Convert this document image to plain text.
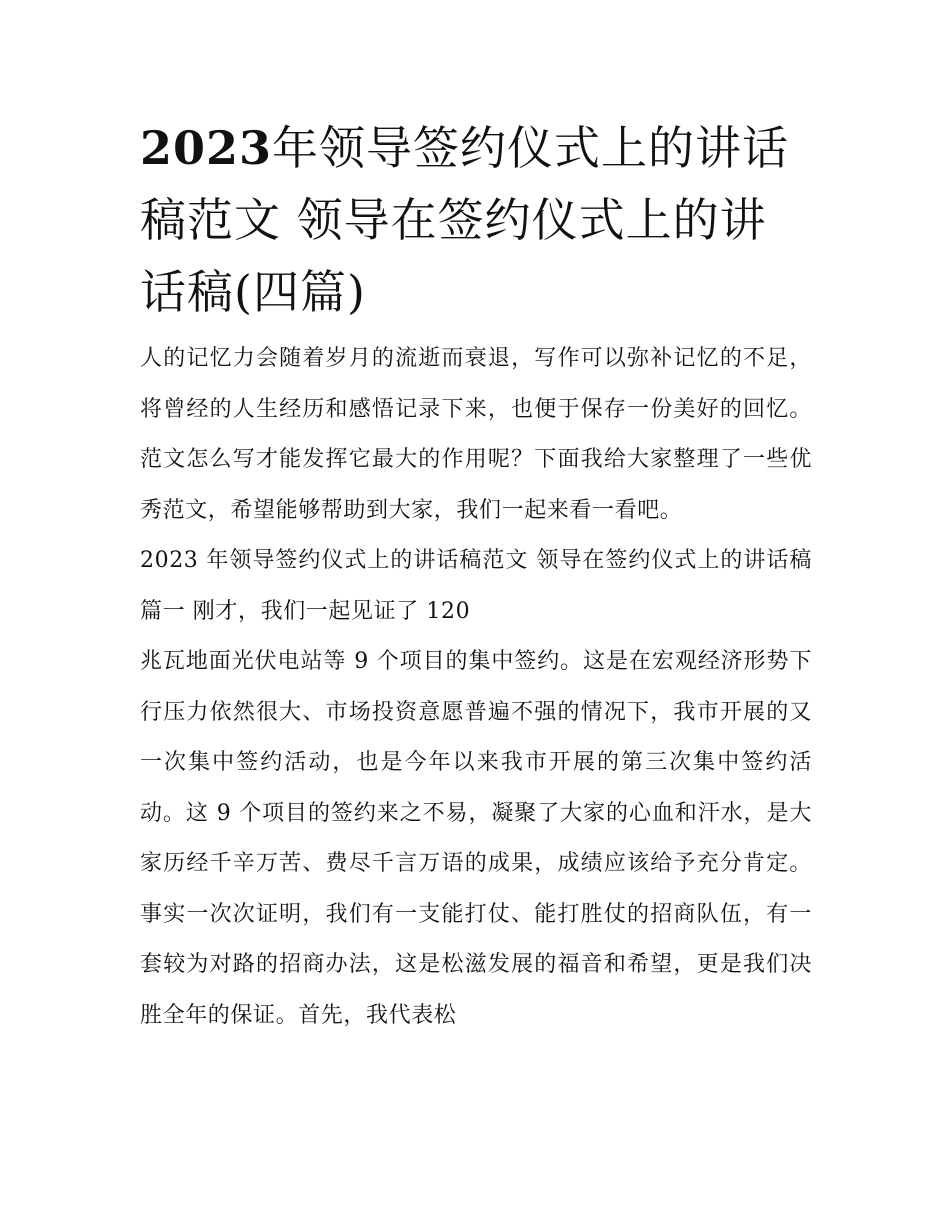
2023年领导签约仪式上的讲话稿范文 领导在签约仪式上的讲话稿(四篇)

人的记忆力会随着岁月的流逝而衰退，写作可以弥补记忆的不足，将曾经的人生经历和感悟记录下来，也便于保存一份美好的回忆。范文怎么写才能发挥它最大的作用呢？下面我给大家整理了一些优秀范文，希望能够帮助到大家，我们一起来看一看吧。

2023 年领导签约仪式上的讲话稿范文 领导在签约仪式上的讲话稿篇一 刚才，我们一起见证了 120

兆瓦地面光伏电站等 9 个项目的集中签约。这是在宏观经济形势下行压力依然很大、市场投资意愿普遍不强的情况下，我市开展的又一次集中签约活动，也是今年以来我市开展的第三次集中签约活动。这 9 个项目的签约来之不易，凝聚了大家的心血和汗水，是大家历经千辛万苦、费尽千言万语的成果，成绩应该给予充分肯定。事实一次次证明，我们有一支能打仗、能打胜仗的招商队伍，有一套较为对路的招商办法，这是松滋发展的福音和希望，更是我们决胜全年的保证。首先，我代表松
